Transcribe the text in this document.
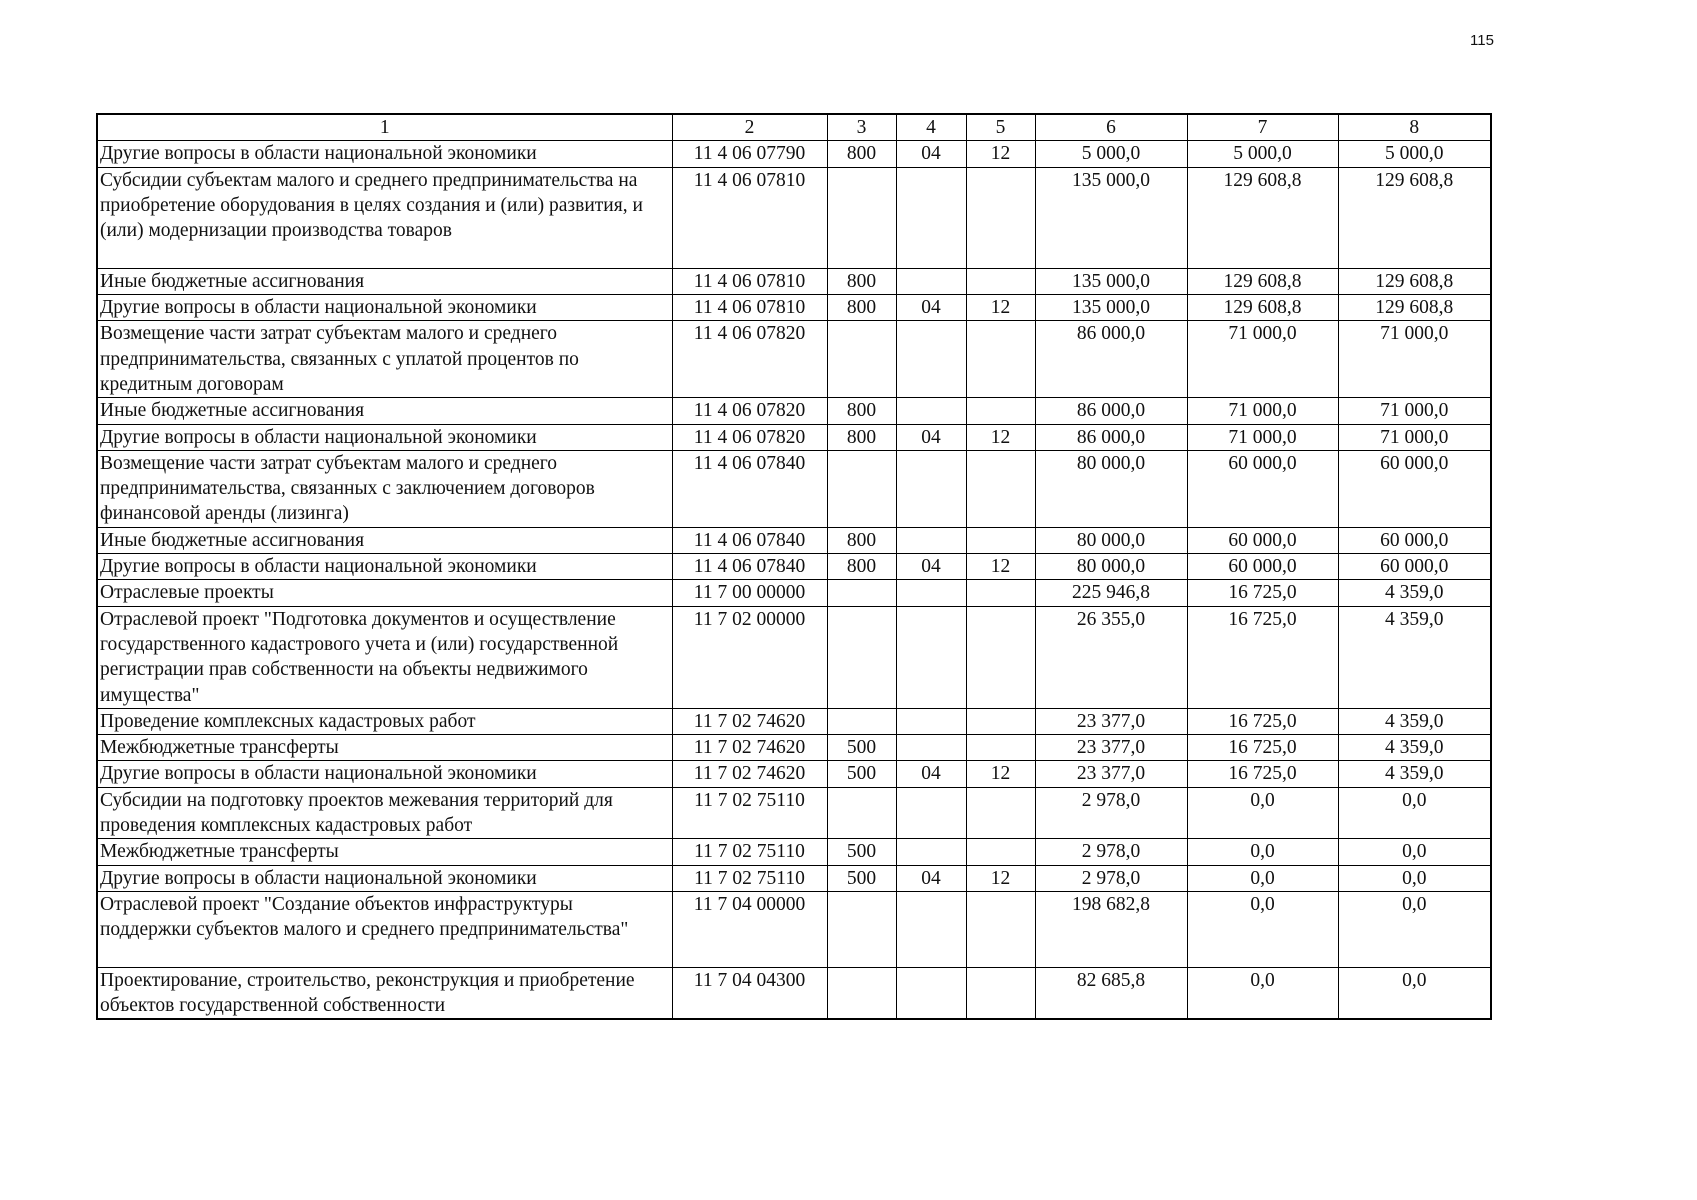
115
1	2	3	4	5	6	7	8
Другие вопросы в области национальной экономики	11 4 06 07790	800	04	12	5 000,0	5 000,0	5 000,0
Субсидии субъектам малого и среднего предпринимательства на приобретение оборудования в целях создания и (или) развития, и (или) модернизации производства товаров	11 4 06 07810				135 000,0	129 608,8	129 608,8
Иные бюджетные ассигнования	11 4 06 07810	800			135 000,0	129 608,8	129 608,8
Другие вопросы в области национальной экономики	11 4 06 07810	800	04	12	135 000,0	129 608,8	129 608,8
Возмещение части затрат субъектам малого и среднего предпринимательства, связанных с уплатой процентов по кредитным договорам	11 4 06 07820				86 000,0	71 000,0	71 000,0
Иные бюджетные ассигнования	11 4 06 07820	800			86 000,0	71 000,0	71 000,0
Другие вопросы в области национальной экономики	11 4 06 07820	800	04	12	86 000,0	71 000,0	71 000,0
Возмещение части затрат субъектам малого и среднего предпринимательства, связанных с заключением договоров финансовой аренды (лизинга)	11 4 06 07840				80 000,0	60 000,0	60 000,0
Иные бюджетные ассигнования	11 4 06 07840	800			80 000,0	60 000,0	60 000,0
Другие вопросы в области национальной экономики	11 4 06 07840	800	04	12	80 000,0	60 000,0	60 000,0
Отраслевые проекты	11 7 00 00000				225 946,8	16 725,0	4 359,0
Отраслевой проект "Подготовка документов и осуществление государственного кадастрового учета и (или) государственной регистрации прав собственности на объекты недвижимого имущества"	11 7 02 00000				26 355,0	16 725,0	4 359,0
Проведение комплексных кадастровых работ	11 7 02 74620				23 377,0	16 725,0	4 359,0
Межбюджетные трансферты	11 7 02 74620	500			23 377,0	16 725,0	4 359,0
Другие вопросы в области национальной экономики	11 7 02 74620	500	04	12	23 377,0	16 725,0	4 359,0
Субсидии на подготовку проектов межевания территорий для проведения комплексных кадастровых работ	11 7 02 75110				2 978,0	0,0	0,0
Межбюджетные трансферты	11 7 02 75110	500			2 978,0	0,0	0,0
Другие вопросы в области национальной экономики	11 7 02 75110	500	04	12	2 978,0	0,0	0,0
Отраслевой проект "Создание объектов инфраструктуры поддержки субъектов малого и среднего предпринимательства"	11 7 04 00000				198 682,8	0,0	0,0
Проектирование, строительство, реконструкция и приобретение объектов государственной собственности	11 7 04 04300				82 685,8	0,0	0,0
